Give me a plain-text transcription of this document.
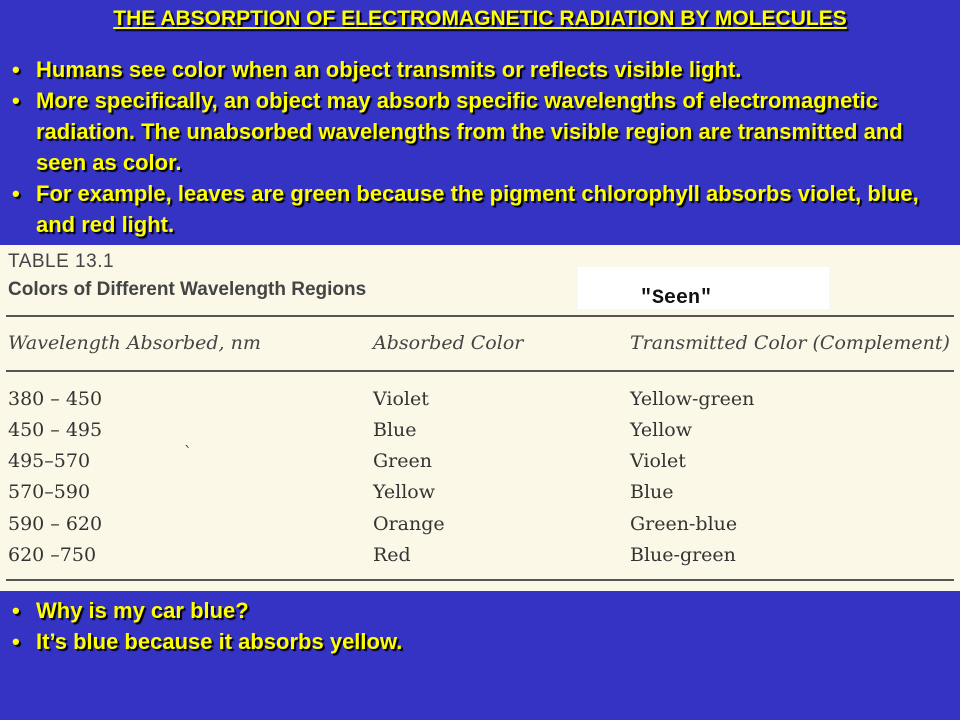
THE ABSORPTION OF ELECTROMAGNETIC RADIATION BY MOLECULES
• Humans see color when an object transmits or reflects visible light.
• More specifically, an object may absorb specific wavelengths of electromagnetic radiation. The unabsorbed wavelengths from the visible region are transmitted and seen as color.
• For example, leaves are green because the pigment chlorophyll absorbs violet, blue, and red light.
"Seen"
TABLE 13.1
Colors of Different Wavelength Regions
Wavelength Absorbed, nm	Absorbed Color	Transmitted Color (Complement)
`
380 – 450	Violet	Yellow-green
450 – 495	Blue	Yellow
495–570	Green	Violet
570–590	Yellow	Blue
590 – 620	Orange	Green-blue
620 –750	Red	Blue-green
• Why is my car blue?
• It’s blue because it absorbs yellow.
